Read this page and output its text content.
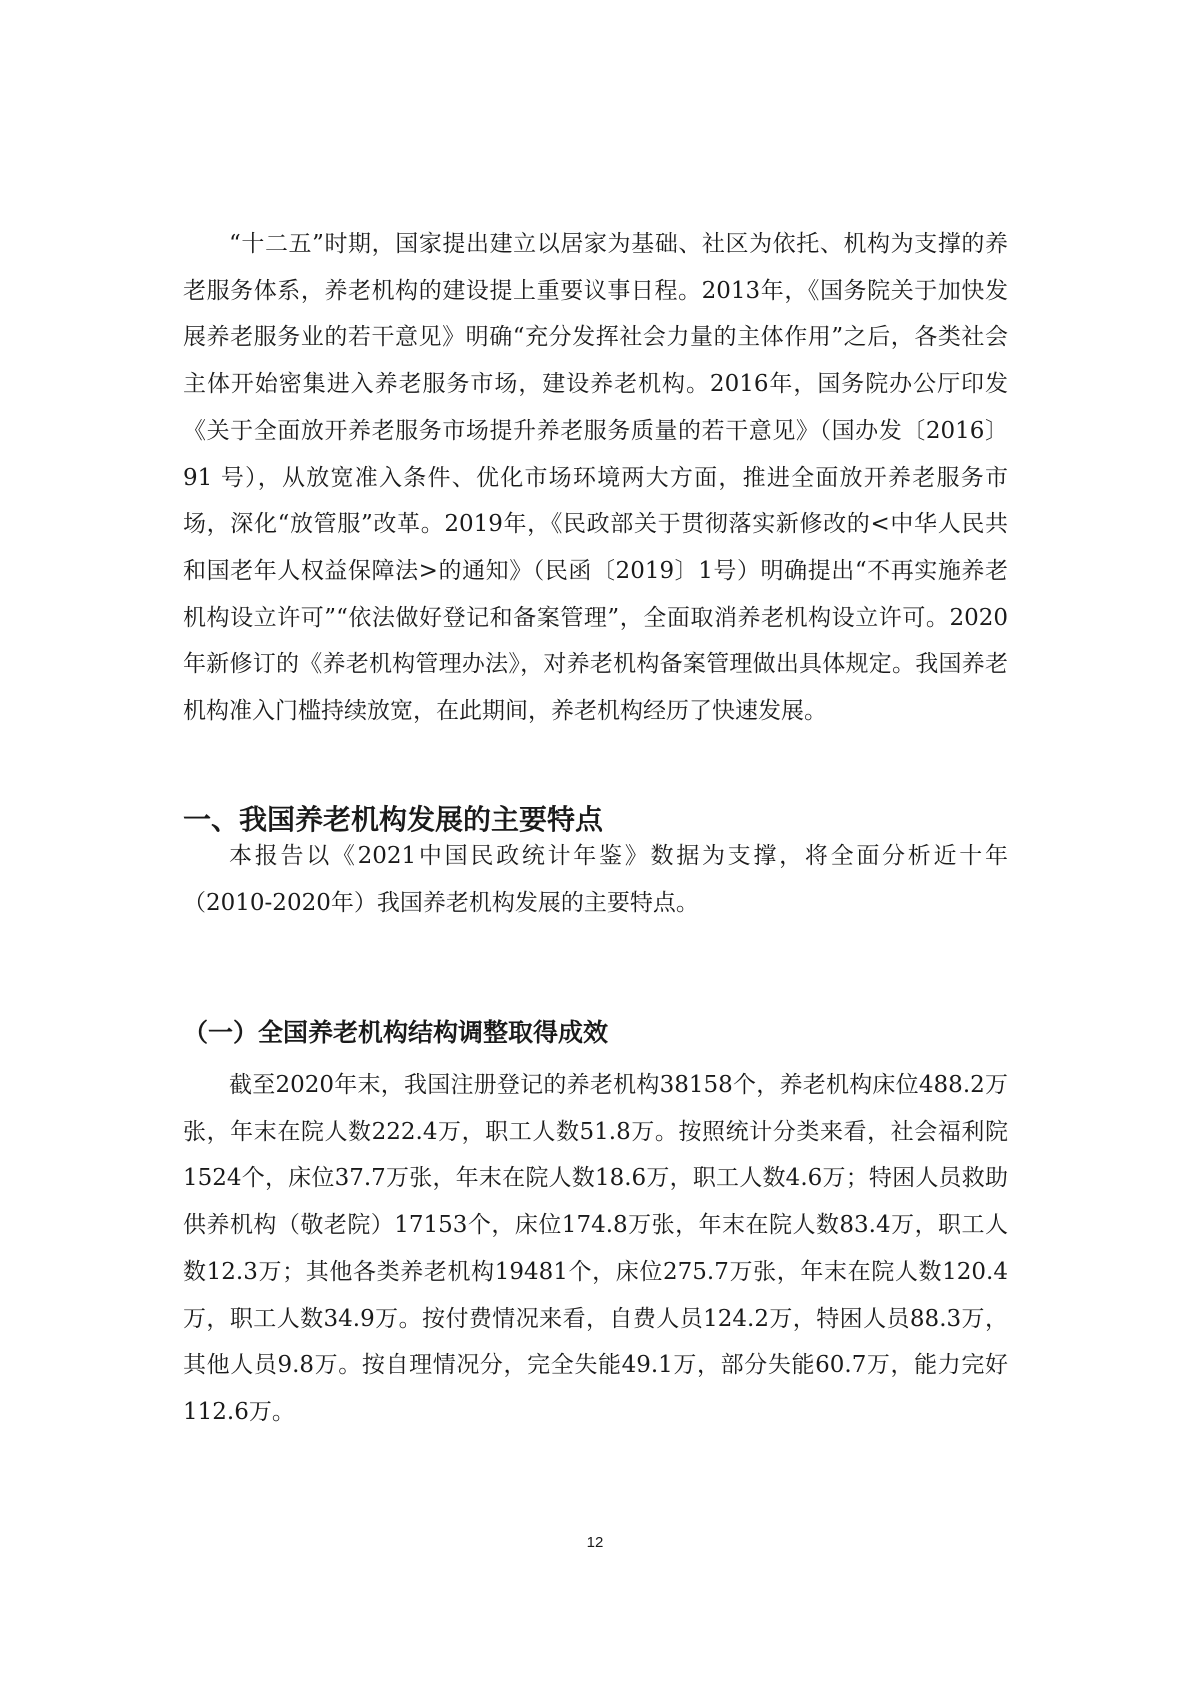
“十二五”时期，国家提出建立以居家为基础、社区为依托、机构为支撑的养老服务体系，养老机构的建设提上重要议事日程。2013年，《国务院关于加快发展养老服务业的若干意见》明确“充分发挥社会力量的主体作用”之后，各类社会主体开始密集进入养老服务市场，建设养老机构。2016年，国务院办公厅印发《关于全面放开养老服务市场提升养老服务质量的若干意见》（国办发〔2016〕91 号），从放宽准入条件、优化市场环境两大方面，推进全面放开养老服务市场，深化“放管服”改革。2019年，《民政部关于贯彻落实新修改的<中华人民共和国老年人权益保障法>的通知》（民函〔2019〕1号）明确提出“不再实施养老机构设立许可”“依法做好登记和备案管理”，全面取消养老机构设立许可。2020年新修订的《养老机构管理办法》，对养老机构备案管理做出具体规定。我国养老机构准入门槛持续放宽，在此期间，养老机构经历了快速发展。

一、我国养老机构发展的主要特点

本报告以《2021中国民政统计年鉴》数据为支撑，将全面分析近十年（2010-2020年）我国养老机构发展的主要特点。

（一）全国养老机构结构调整取得成效

截至2020年末，我国注册登记的养老机构38158个，养老机构床位488.2万张，年末在院人数222.4万，职工人数51.8万。按照统计分类来看，社会福利院1524个，床位37.7万张，年末在院人数18.6万，职工人数4.6万；特困人员救助供养机构（敬老院）17153个，床位174.8万张，年末在院人数83.4万，职工人数12.3万；其他各类养老机构19481个，床位275.7万张，年末在院人数120.4万，职工人数34.9万。按付费情况来看，自费人员124.2万，特困人员88.3万，其他人员9.8万。按自理情况分，完全失能49.1万，部分失能60.7万，能力完好112.6万。

12
